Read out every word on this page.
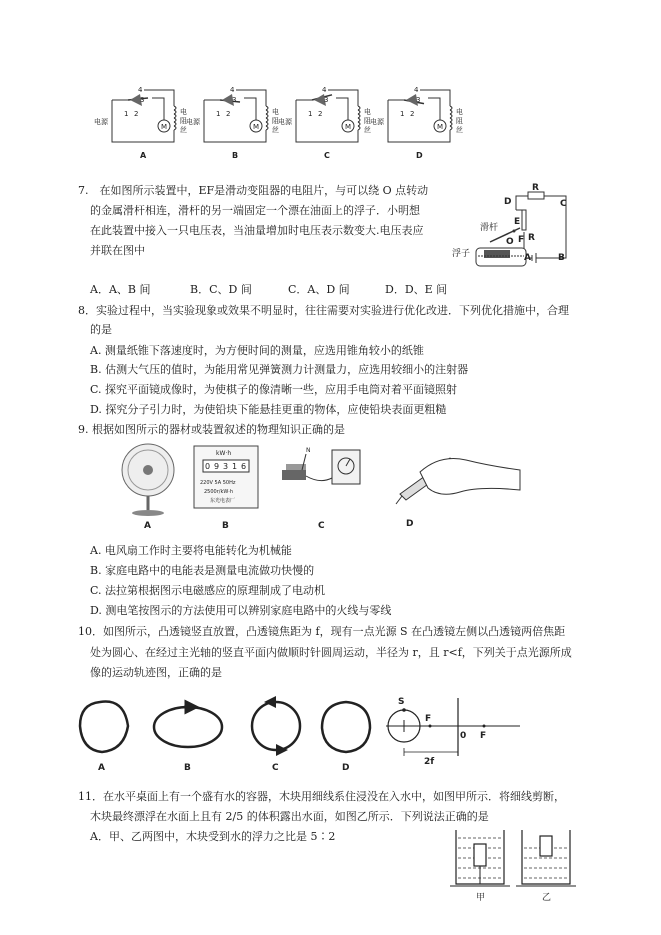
M
4
3
2
1
电源
电
阻
丝
A
M
4
3
2
1
电源
电
阻
丝
B
M
4
3
2
1
电源
电
阻
丝
C
M
4
3
2
1
电源
电
阻
丝
D
7.　在如图所示装置中，EF是滑动变阻器的电阻片，与可以绕 O 点转动
的金属滑杆相连，滑杆的另一端固定一个漂在油面上的浮子．小明想
在此装置中接入一只电压表，当油量增加时电压表示数变大.电压表应
并联在图中
D
R
C
E
O F R
A	B
滑杆
浮子
A．A、B 间	B．C、D 间	C．A、D 间	D．D、E 间
8．实验过程中，当实验现象或效果不明显时，往往需要对实验进行优化改进．下列优化措施中，合理
的是
A. 测量纸锥下落速度时，为方便时间的测量，应选用锥角较小的纸锥
B. 估测大气压的值时，为能用常见弹簧测力计测量力，应选用较细小的注射器
C. 探究平面镜成像时，为使棋子的像清晰一些，应用手电筒对着平面镜照射
D. 探究分子引力时，为使铅块下能悬挂更重的物体，应使铅块表面更粗糙
9. 根据如图所示的器材或装置叙述的物理知识正确的是
A
kW·h
0 9 3 1 6
220V 5A 50Hz
2500r/kW·h
东光电表厂
B
N
C	D
A. 电风扇工作时主要将电能转化为机械能
B. 家庭电路中的电能表是测量电流做功快慢的
C. 法拉第根据图示电磁感应的原理制成了电动机
D. 测电笔按图示的方法使用可以辨别家庭电路中的火线与零线
10．如图所示，凸透镜竖直放置，凸透镜焦距为 f，现有一点光源 S 在凸透镜左侧以凸透镜两倍焦距
处为圆心、在经过主光轴的竖直平面内做顺时针圆周运动，半径为 r，且 r<f，下列关于点光源所成
像的运动轨迹图，正确的是
A	B	C	D
S
F
0 F
2f
11．在水平桌面上有一个盛有水的容器，木块用细线系住浸没在入水中，如图甲所示．将细线剪断，
木块最终漂浮在水面上且有 2/5 的体积露出水面，如图乙所示．下列说法正确的是
A．甲、乙两图中，木块受到水的浮力之比是 5∶2
甲	乙
